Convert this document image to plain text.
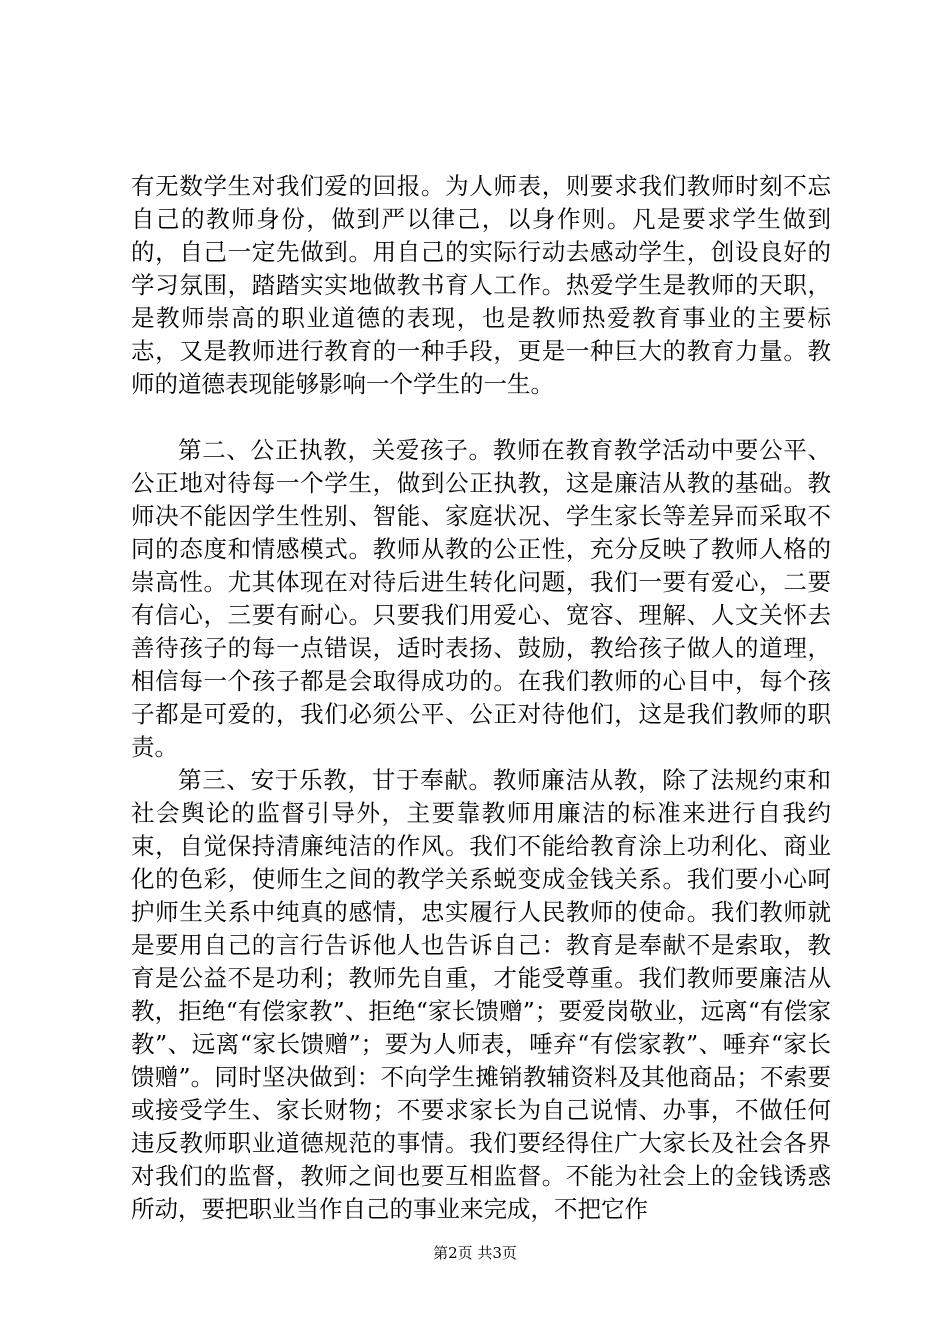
有无数学生对我们爱的回报。为人师表，则要求我们教师时刻不忘自己的教师身份，做到严以律己，以身作则。凡是要求学生做到的，自己一定先做到。用自己的实际行动去感动学生，创设良好的学习氛围，踏踏实实地做教书育人工作。热爱学生是教师的天职，是教师崇高的职业道德的表现，也是教师热爱教育事业的主要标志，又是教师进行教育的一种手段，更是一种巨大的教育力量。教师的道德表现能够影响一个学生的一生。

第二、公正执教，关爱孩子。教师在教育教学活动中要公平、公正地对待每一个学生，做到公正执教，这是廉洁从教的基础。教师决不能因学生性别、智能、家庭状况、学生家长等差异而采取不同的态度和情感模式。教师从教的公正性，充分反映了教师人格的崇高性。尤其体现在对待后进生转化问题，我们一要有爱心，二要有信心，三要有耐心。只要我们用爱心、宽容、理解、人文关怀去善待孩子的每一点错误，适时表扬、鼓励，教给孩子做人的道理，相信每一个孩子都是会取得成功的。在我们教师的心目中，每个孩子都是可爱的，我们必须公平、公正对待他们，这是我们教师的职责。

第三、安于乐教，甘于奉献。教师廉洁从教，除了法规约束和社会舆论的监督引导外，主要靠教师用廉洁的标准来进行自我约束，自觉保持清廉纯洁的作风。我们不能给教育涂上功利化、商业化的色彩，使师生之间的教学关系蜕变成金钱关系。我们要小心呵护师生关系中纯真的感情，忠实履行人民教师的使命。我们教师就是要用自己的言行告诉他人也告诉自己：教育是奉献不是索取，教育是公益不是功利；教师先自重，才能受尊重。我们教师要廉洁从教，拒绝“有偿家教”、拒绝“家长馈赠”；要爱岗敬业，远离“有偿家教”、远离“家长馈赠”；要为人师表，唾弃“有偿家教”、唾弃“家长馈赠”。同时坚决做到：不向学生摊销教辅资料及其他商品；不索要或接受学生、家长财物；不要求家长为自己说情、办事，不做任何违反教师职业道德规范的事情。我们要经得住广大家长及社会各界对我们的监督，教师之间也要互相监督。不能为社会上的金钱诱惑所动，要把职业当作自己的事业来完成，不把它作

第2页 共3页
